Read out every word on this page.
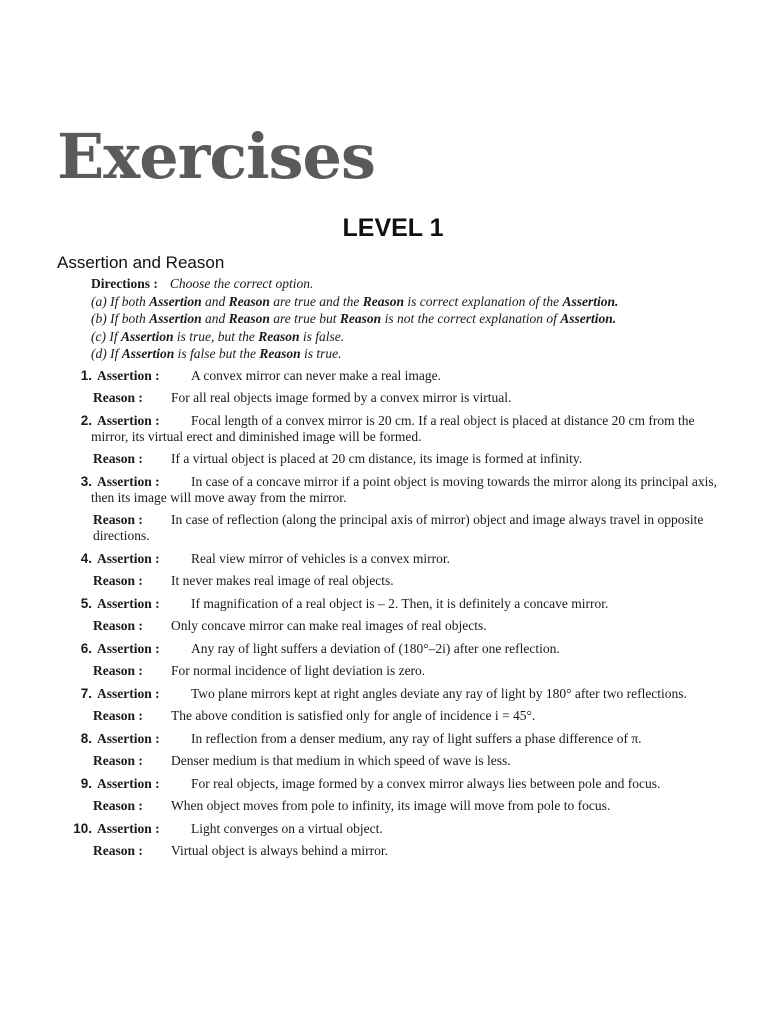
Exercises
LEVEL 1
Assertion and Reason
Directions : Choose the correct option.
(a) If both Assertion and Reason are true and the Reason is correct explanation of the Assertion.
(b) If both Assertion and Reason are true but Reason is not the correct explanation of Assertion.
(c) If Assertion is true, but the Reason is false.
(d) If Assertion is false but the Reason is true.
1. Assertion : A convex mirror can never make a real image.
Reason : For all real objects image formed by a convex mirror is virtual.
2. Assertion : Focal length of a convex mirror is 20 cm. If a real object is placed at distance 20 cm from the mirror, its virtual erect and diminished image will be formed.
Reason : If a virtual object is placed at 20 cm distance, its image is formed at infinity.
3. Assertion : In case of a concave mirror if a point object is moving towards the mirror along its principal axis, then its image will move away from the mirror.
Reason : In case of reflection (along the principal axis of mirror) object and image always travel in opposite directions.
4. Assertion : Real view mirror of vehicles is a convex mirror.
Reason : It never makes real image of real objects.
5. Assertion : If magnification of a real object is – 2. Then, it is definitely a concave mirror.
Reason : Only concave mirror can make real images of real objects.
6. Assertion : Any ray of light suffers a deviation of (180°–2i) after one reflection.
Reason : For normal incidence of light deviation is zero.
7. Assertion : Two plane mirrors kept at right angles deviate any ray of light by 180° after two reflections.
Reason : The above condition is satisfied only for angle of incidence i = 45°.
8. Assertion : In reflection from a denser medium, any ray of light suffers a phase difference of π.
Reason : Denser medium is that medium in which speed of wave is less.
9. Assertion : For real objects, image formed by a convex mirror always lies between pole and focus.
Reason : When object moves from pole to infinity, its image will move from pole to focus.
10. Assertion : Light converges on a virtual object.
Reason : Virtual object is always behind a mirror.
